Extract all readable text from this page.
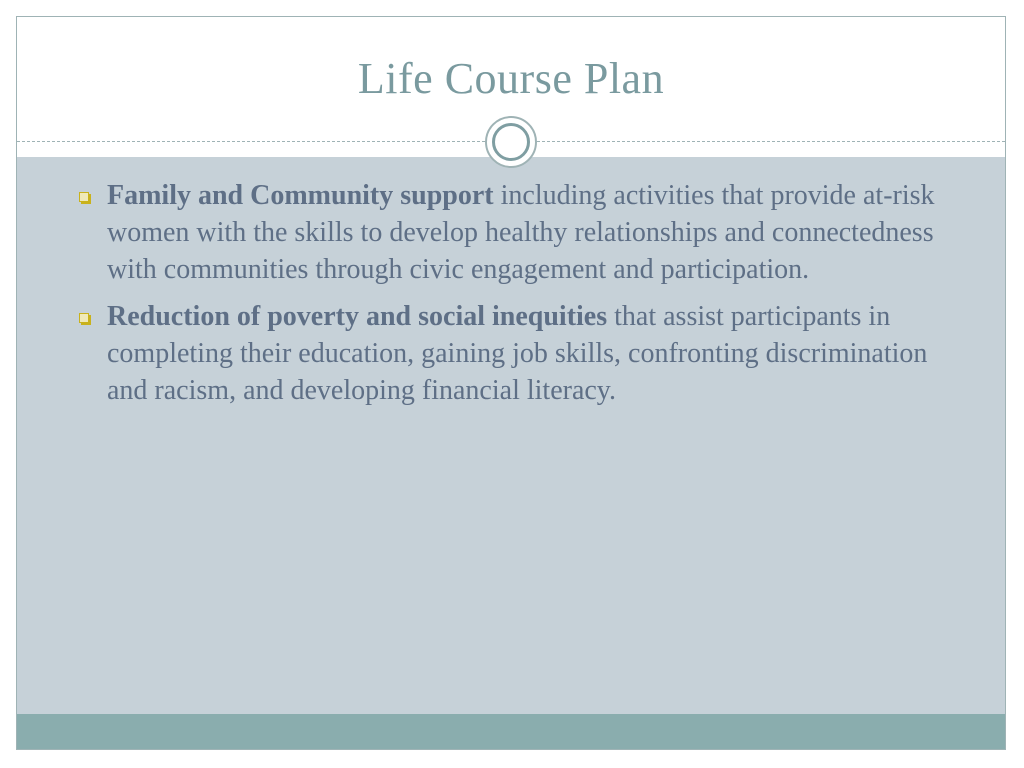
Life Course Plan
Family and Community support including activities that provide at-risk women with the skills to develop healthy relationships and connectedness with communities through civic engagement and participation.
Reduction of poverty and social inequities that assist participants in completing their education, gaining job skills, confronting discrimination and racism, and developing financial literacy.
